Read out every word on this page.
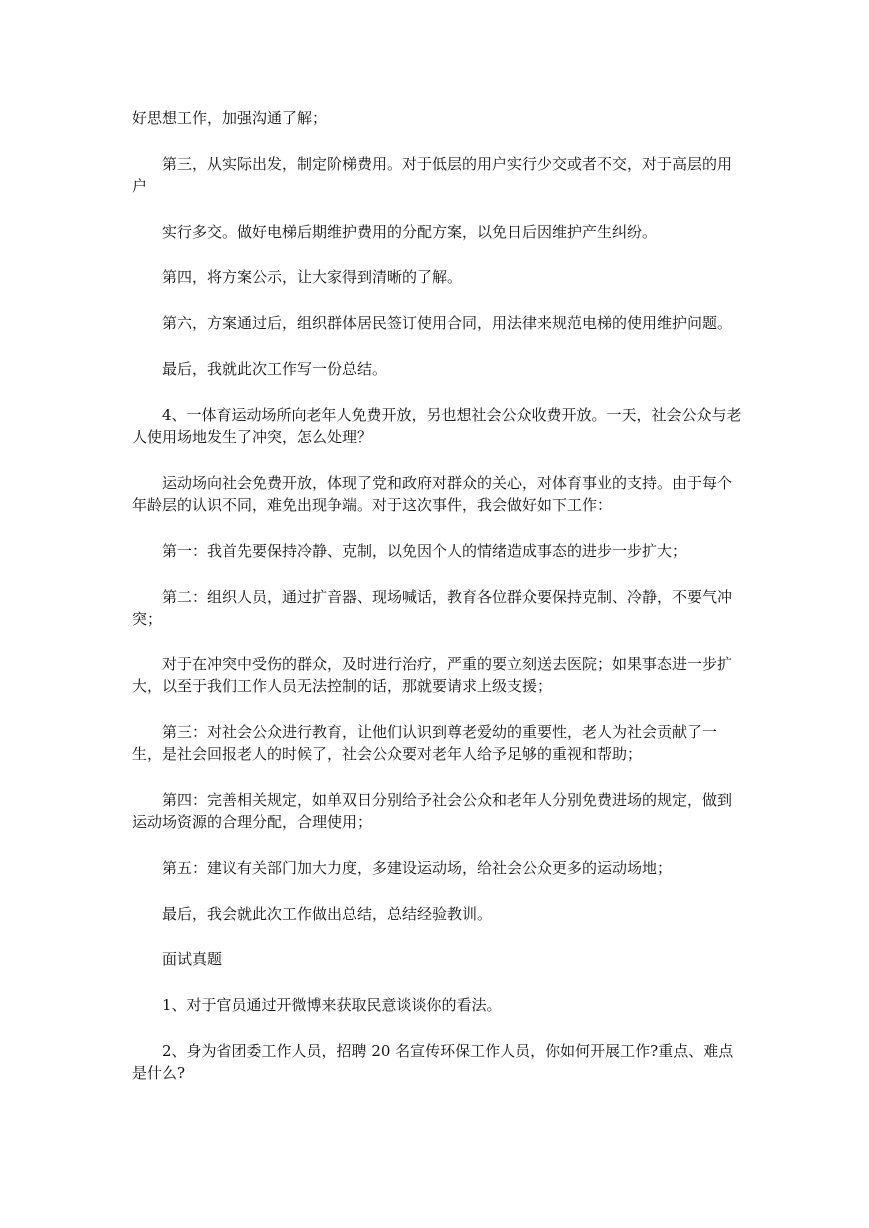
好思想工作，加强沟通了解；

第三，从实际出发，制定阶梯费用。对于低层的用户实行少交或者不交，对于高层的用户

实行多交。做好电梯后期维护费用的分配方案，以免日后因维护产生纠纷。

第四，将方案公示，让大家得到清晰的了解。

第六，方案通过后，组织群体居民签订使用合同，用法律来规范电梯的使用维护问题。

最后，我就此次工作写一份总结。

4、一体育运动场所向老年人免费开放，另也想社会公众收费开放。一天，社会公众与老人使用场地发生了冲突，怎么处理？

运动场向社会免费开放，体现了党和政府对群众的关心，对体育事业的支持。由于每个年龄层的认识不同，难免出现争端。对于这次事件，我会做好如下工作：

第一：我首先要保持冷静、克制，以免因个人的情绪造成事态的进步一步扩大；

第二：组织人员，通过扩音器、现场喊话，教育各位群众要保持克制、冷静，不要气冲突；

对于在冲突中受伤的群众，及时进行治疗，严重的要立刻送去医院；如果事态进一步扩大，以至于我们工作人员无法控制的话，那就要请求上级支援；

第三：对社会公众进行教育，让他们认识到尊老爱幼的重要性，老人为社会贡献了一生，是社会回报老人的时候了，社会公众要对老年人给予足够的重视和帮助；

第四：完善相关规定，如单双日分别给予社会公众和老年人分别免费进场的规定，做到运动场资源的合理分配，合理使用；

第五：建议有关部门加大力度，多建设运动场，给社会公众更多的运动场地；

最后，我会就此次工作做出总结，总结经验教训。

面试真题

1、对于官员通过开微博来获取民意谈谈你的看法。

2、身为省团委工作人员，招聘 20 名宣传环保工作人员，你如何开展工作?重点、难点是什么?
